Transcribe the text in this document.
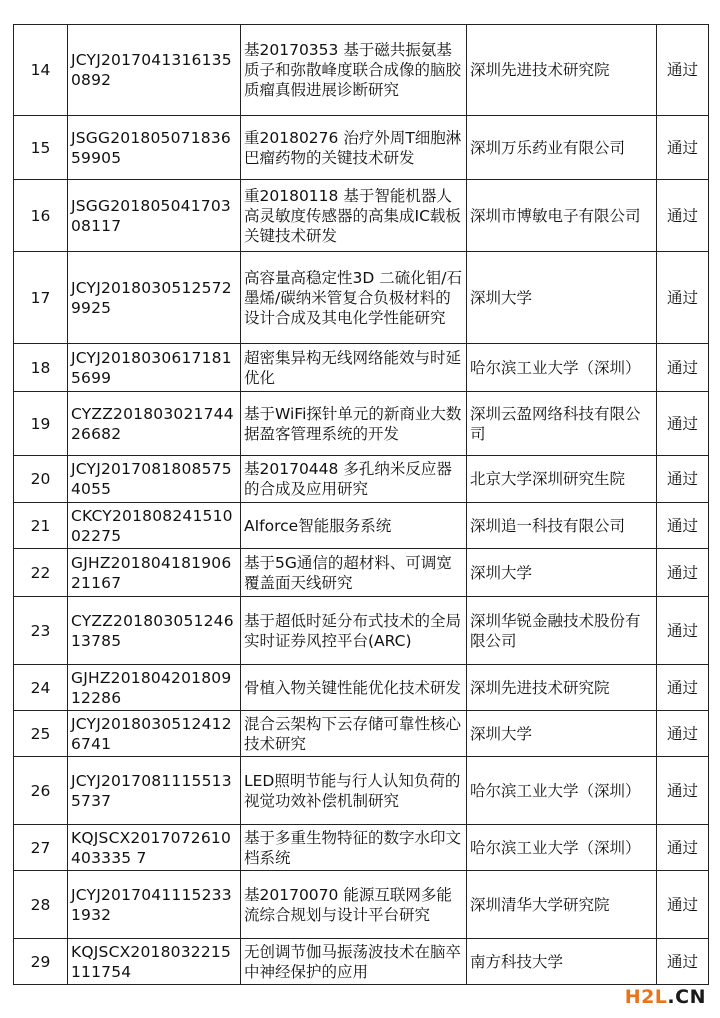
14	JCYJ20170413161350892	基20170353 基于磁共振氨基质子和弥散峰度联合成像的脑胶质瘤真假进展诊断研究	深圳先进技术研究院	通过
15	JSGG20180507183659905	重20180276 治疗外周T细胞淋巴瘤药物的关键技术研发	深圳万乐药业有限公司	通过
16	JSGG20180504170308117	重20180118 基于智能机器人高灵敏度传感器的高集成IC载板关键技术研发	深圳市博敏电子有限公司	通过
17	JCYJ20180305125729925	高容量高稳定性3D 二硫化钼/石墨烯/碳纳米管复合负极材料的设计合成及其电化学性能研究	深圳大学	通过
18	JCYJ20180306171815699	超密集异构无线网络能效与时延优化	哈尔滨工业大学（深圳）	通过
19	CYZZ20180302174426682	基于WiFi探针单元的新商业大数据盈客管理系统的开发	深圳云盈网络科技有限公司	通过
20	JCYJ20170818085754055	基20170448 多孔纳米反应器的合成及应用研究	北京大学深圳研究生院	通过
21	CKCY20180824151002275	AIforce智能服务系统	深圳追一科技有限公司	通过
22	GJHZ20180418190621167	基于5G通信的超材料、可调宽覆盖面天线研究	深圳大学	通过
23	CYZZ20180305124613785	基于超低时延分布式技术的全局实时证券风控平台(ARC)	深圳华锐金融技术股份有限公司	通过
24	GJHZ20180420180912286	骨植入物关键性能优化技术研发	深圳先进技术研究院	通过
25	JCYJ20180305124126741	混合云架构下云存储可靠性核心技术研究	深圳大学	通过
26	JCYJ20170811155135737	LED照明节能与行人认知负荷的视觉功效补偿机制研究	哈尔滨工业大学（深圳）	通过
27	KQJSCX2017072610403335 7	基于多重生物特征的数字水印文档系统	哈尔滨工业大学（深圳）	通过
28	JCYJ20170411152331932	基20170070 能源互联网多能流综合规划与设计平台研究	深圳清华大学研究院	通过
29	KQJSCX2018032215111754	无创调节伽马振荡波技术在脑卒中神经保护的应用	南方科技大学	通过
H2L.CN
